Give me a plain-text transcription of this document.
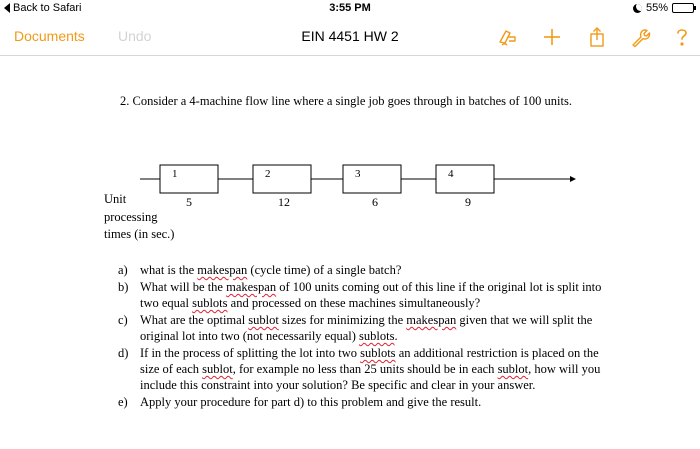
Back to Safari	3:55 PM	55%
Documents Undo	EIN 4451 HW 2

2. Consider a 4-machine flow line where a single job goes through in batches of 100 units.

1	2	3	4
5	12	6	9
Unit
processing
times (in sec.)
a) what is the makespan (cycle time) of a single batch?
b) What will be the makespan of 100 units coming out of this line if the original lot is split into two equal sublots and processed on these machines simultaneously?
c) What are the optimal sublot sizes for minimizing the makespan given that we will split the original lot into two (not necessarily equal) sublots.
d) If in the process of splitting the lot into two sublots an additional restriction is placed on the size of each sublot, for example no less than 25 units should be in each sublot, how will you include this constraint into your solution? Be specific and clear in your answer.
e) Apply your procedure for part d) to this problem and give the result.
